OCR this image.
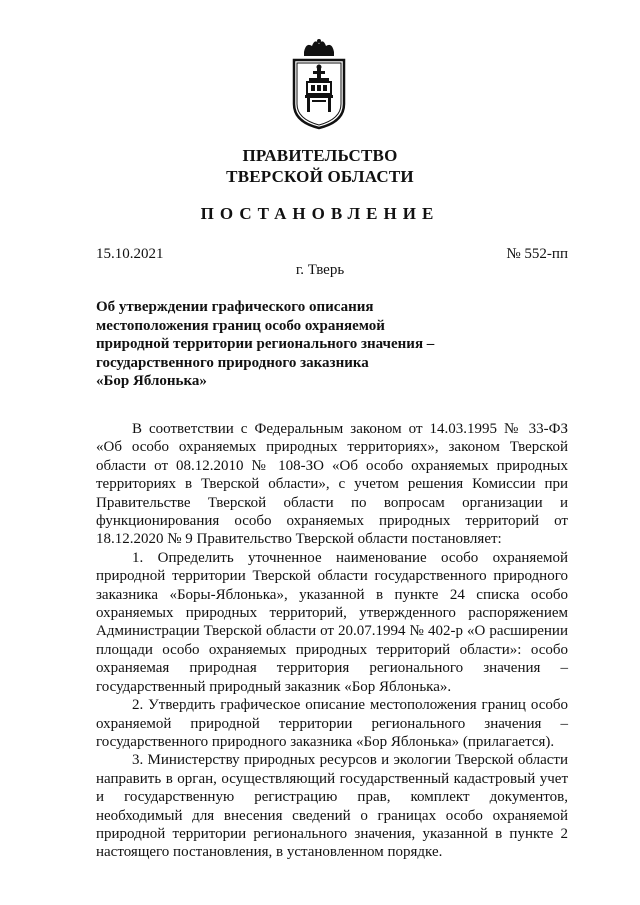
ПРАВИТЕЛЬСТВО
ТВЕРСКОЙ ОБЛАСТИ
ПОСТАНОВЛЕНИЕ
15.10.2021	№ 552-пп
г. Тверь
Об утверждении графического описания
местоположения границ особо охраняемой
природной территории регионального значения –
государственного природного заказника
«Бор Яблонька»

В соответствии с Федеральным законом от 14.03.1995 № 33-ФЗ «Об особо охраняемых природных территориях», законом Тверской области от 08.12.2010 № 108-ЗО «Об особо охраняемых природных территориях в Тверской области», с учетом решения Комиссии при Правительстве Тверской области по вопросам организации и функционирования особо охраняемых природных территорий от 18.12.2020 № 9 Правительство Тверской области постановляет:

1. Определить уточненное наименование особо охраняемой природной территории Тверской области государственного природного заказника «Боры-Яблонька», указанной в пункте 24 списка особо охраняемых природных территорий, утвержденного распоряжением Администрации Тверской области от 20.07.1994 № 402-р «О расширении площади особо охраняемых природных территорий области»: особо охраняемая природная территория регионального значения – государственный природный заказник «Бор Яблонька».

2. Утвердить графическое описание местоположения границ особо охраняемой природной территории регионального значения – государственного природного заказника «Бор Яблонька» (прилагается).

3. Министерству природных ресурсов и экологии Тверской области направить в орган, осуществляющий государственный кадастровый учет и государственную регистрацию прав, комплект документов, необходимый для внесения сведений о границах особо охраняемой природной территории регионального значения, указанной в пункте 2 настоящего постановления, в установленном порядке.
